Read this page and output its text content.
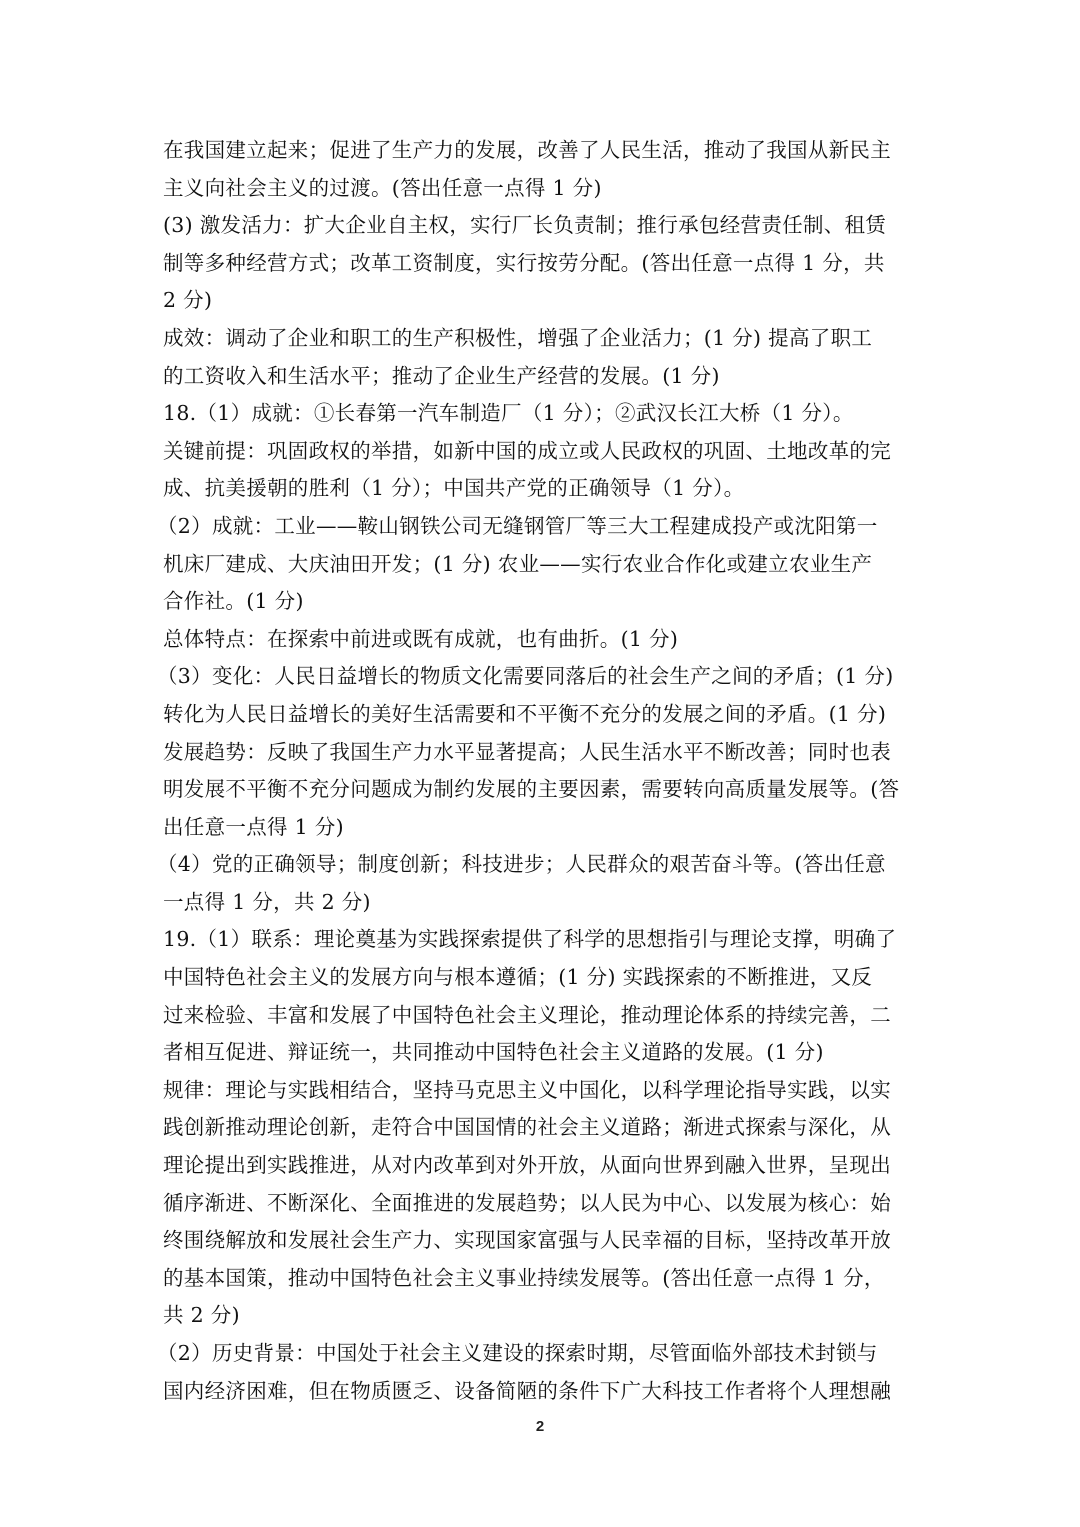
在我国建立起来；促进了生产力的发展，改善了人民生活，推动了我国从新民主
主义向社会主义的过渡。(答出任意一点得 1 分)
(3) 激发活力：扩大企业自主权，实行厂长负责制；推行承包经营责任制、租赁
制等多种经营方式；改革工资制度，实行按劳分配。(答出任意一点得 1 分，共
2 分)
成效：调动了企业和职工的生产积极性，增强了企业活力；(1 分) 提高了职工
的工资收入和生活水平；推动了企业生产经营的发展。(1 分)
18.（1）成就：①长春第一汽车制造厂（1 分）；②武汉长江大桥（1 分）。
关键前提：巩固政权的举措，如新中国的成立或人民政权的巩固、土地改革的完
成、抗美援朝的胜利（1 分）；中国共产党的正确领导（1 分）。
（2）成就：工业——鞍山钢铁公司无缝钢管厂等三大工程建成投产或沈阳第一
机床厂建成、大庆油田开发；(1 分) 农业——实行农业合作化或建立农业生产
合作社。(1 分)
总体特点：在探索中前进或既有成就，也有曲折。(1 分)
（3）变化：人民日益增长的物质文化需要同落后的社会生产之间的矛盾；(1 分)
转化为人民日益增长的美好生活需要和不平衡不充分的发展之间的矛盾。(1 分)
发展趋势：反映了我国生产力水平显著提高；人民生活水平不断改善；同时也表
明发展不平衡不充分问题成为制约发展的主要因素，需要转向高质量发展等。(答
出任意一点得 1 分)
（4）党的正确领导；制度创新；科技进步；人民群众的艰苦奋斗等。(答出任意
一点得 1 分，共 2 分)
19.（1）联系：理论奠基为实践探索提供了科学的思想指引与理论支撑，明确了
中国特色社会主义的发展方向与根本遵循；(1 分) 实践探索的不断推进，又反
过来检验、丰富和发展了中国特色社会主义理论，推动理论体系的持续完善，二
者相互促进、辩证统一，共同推动中国特色社会主义道路的发展。(1 分)
规律：理论与实践相结合，坚持马克思主义中国化，以科学理论指导实践，以实
践创新推动理论创新，走符合中国国情的社会主义道路；渐进式探索与深化，从
理论提出到实践推进，从对内改革到对外开放，从面向世界到融入世界，呈现出
循序渐进、不断深化、全面推进的发展趋势；以人民为中心、以发展为核心：始
终围绕解放和发展社会生产力、实现国家富强与人民幸福的目标，坚持改革开放
的基本国策，推动中国特色社会主义事业持续发展等。(答出任意一点得 1 分，
共 2 分)
（2）历史背景：中国处于社会主义建设的探索时期，尽管面临外部技术封锁与
国内经济困难，但在物质匮乏、设备简陋的条件下广大科技工作者将个人理想融
2
